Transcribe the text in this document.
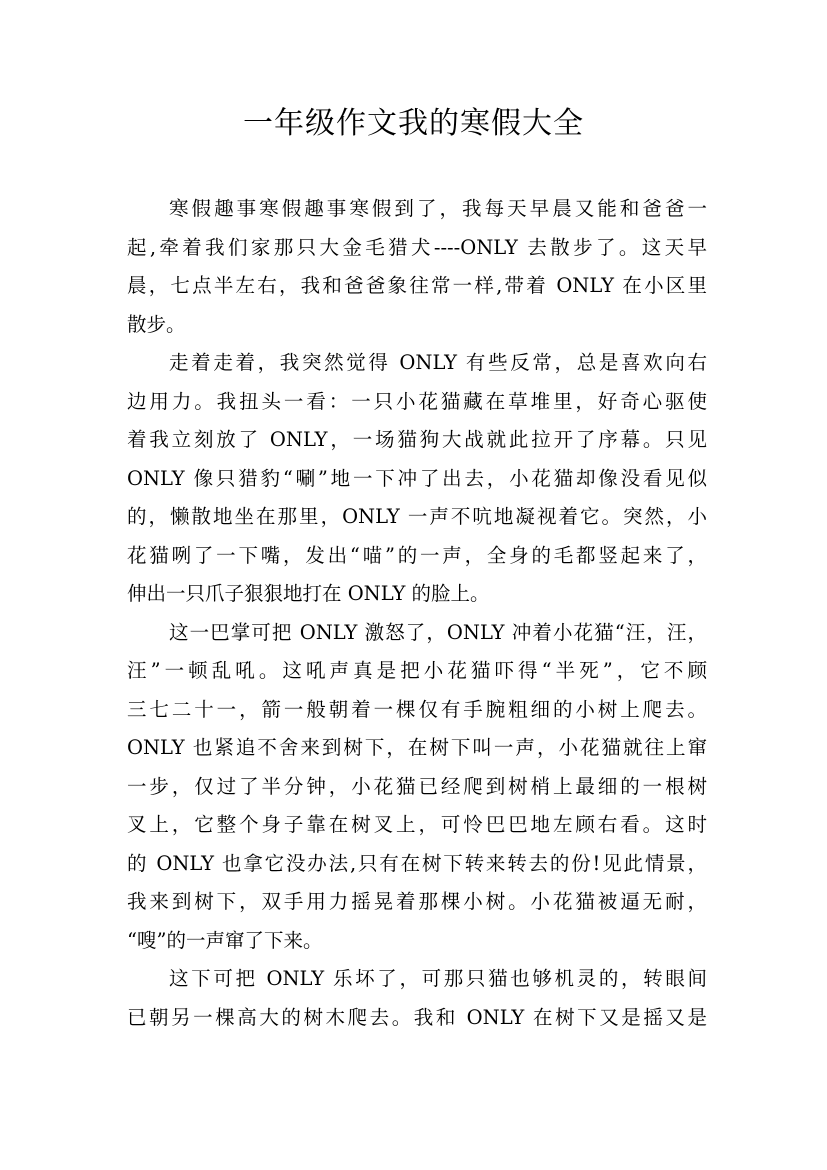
一年级作文我的寒假大全
寒假趣事寒假趣事寒假到了，我每天早晨又能和爸爸一
起,牵着我们家那只大金毛猎犬----ONLY 去散步了。这天早
晨，七点半左右，我和爸爸象往常一样,带着 ONLY 在小区里
散步。
走着走着，我突然觉得 ONLY 有些反常，总是喜欢向右
边用力。我扭头一看：一只小花猫藏在草堆里，好奇心驱使
着我立刻放了 ONLY，一场猫狗大战就此拉开了序幕。只见
ONLY 像只猎豹“唰”地一下冲了出去，小花猫却像没看见似
的，懒散地坐在那里，ONLY 一声不吭地凝视着它。突然，小
花猫咧了一下嘴，发出“喵”的一声，全身的毛都竖起来了，
伸出一只爪子狠狠地打在 ONLY 的脸上。
这一巴掌可把 ONLY 激怒了，ONLY 冲着小花猫“汪，汪，
汪”一顿乱吼。这吼声真是把小花猫吓得“半死”，它不顾
三七二十一，箭一般朝着一棵仅有手腕粗细的小树上爬去。
ONLY 也紧追不舍来到树下，在树下叫一声，小花猫就往上窜
一步，仅过了半分钟，小花猫已经爬到树梢上最细的一根树
叉上，它整个身子靠在树叉上，可怜巴巴地左顾右看。这时
的 ONLY 也拿它没办法,只有在树下转来转去的份!见此情景，
我来到树下，双手用力摇晃着那棵小树。小花猫被逼无耐，
“嗖”的一声窜了下来。
这下可把 ONLY 乐坏了，可那只猫也够机灵的，转眼间
已朝另一棵高大的树木爬去。我和 ONLY 在树下又是摇又是
